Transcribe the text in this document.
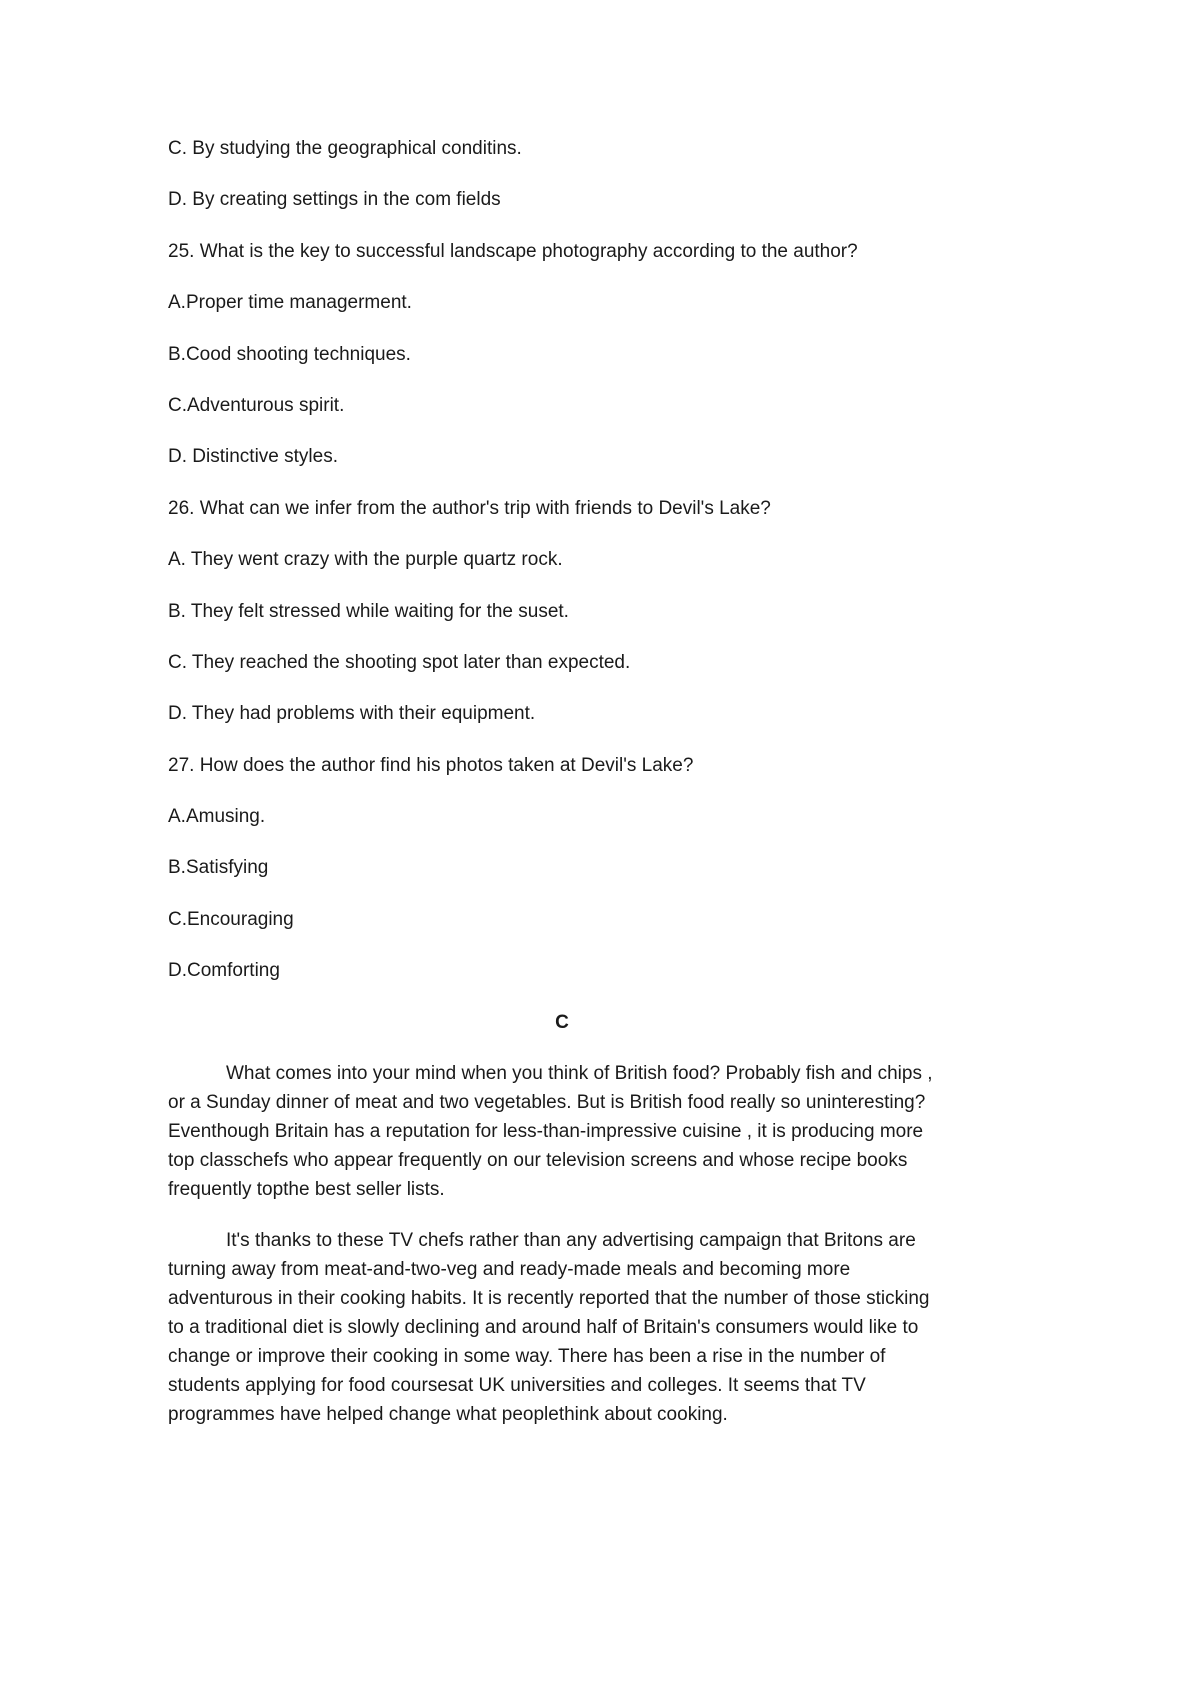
C. By studying the geographical conditins.
D. By creating settings in the com fields
25. What is the key to successful landscape photography according to the author?
A.Proper time managerment.
B.Cood shooting techniques.
C.Adventurous spirit.
D. Distinctive styles.
26. What can we infer from the author's trip with friends to Devil's Lake?
A. They went crazy with the purple quartz rock.
B. They felt stressed while waiting for the suset.
C. They reached the shooting spot later than expected.
D. They had problems with their equipment.
27. How does the author find his photos taken at Devil's Lake?
A.Amusing.
B.Satisfying
C.Encouraging
D.Comforting
C

What comes into your mind when you think of British food? Probably fish and chips , or a Sunday dinner of meat and two vegetables. But is British food really so uninteresting? Eventhough Britain has a reputation for less-than-impressive cuisine , it is producing more top classchefs who appear frequently on our television screens and whose recipe books frequently topthe best seller lists.

It's thanks to these TV chefs rather than any advertising campaign that Britons are turning away from meat-and-two-veg and ready-made meals and becoming more adventurous in their cooking habits. It is recently reported that the number of those sticking to a traditional diet is slowly declining and around half of Britain's consumers would like to change or improve their cooking in some way. There has been a rise in the number of students applying for food coursesat UK universities and colleges. It seems that TV programmes have helped change what peoplethink about cooking.
